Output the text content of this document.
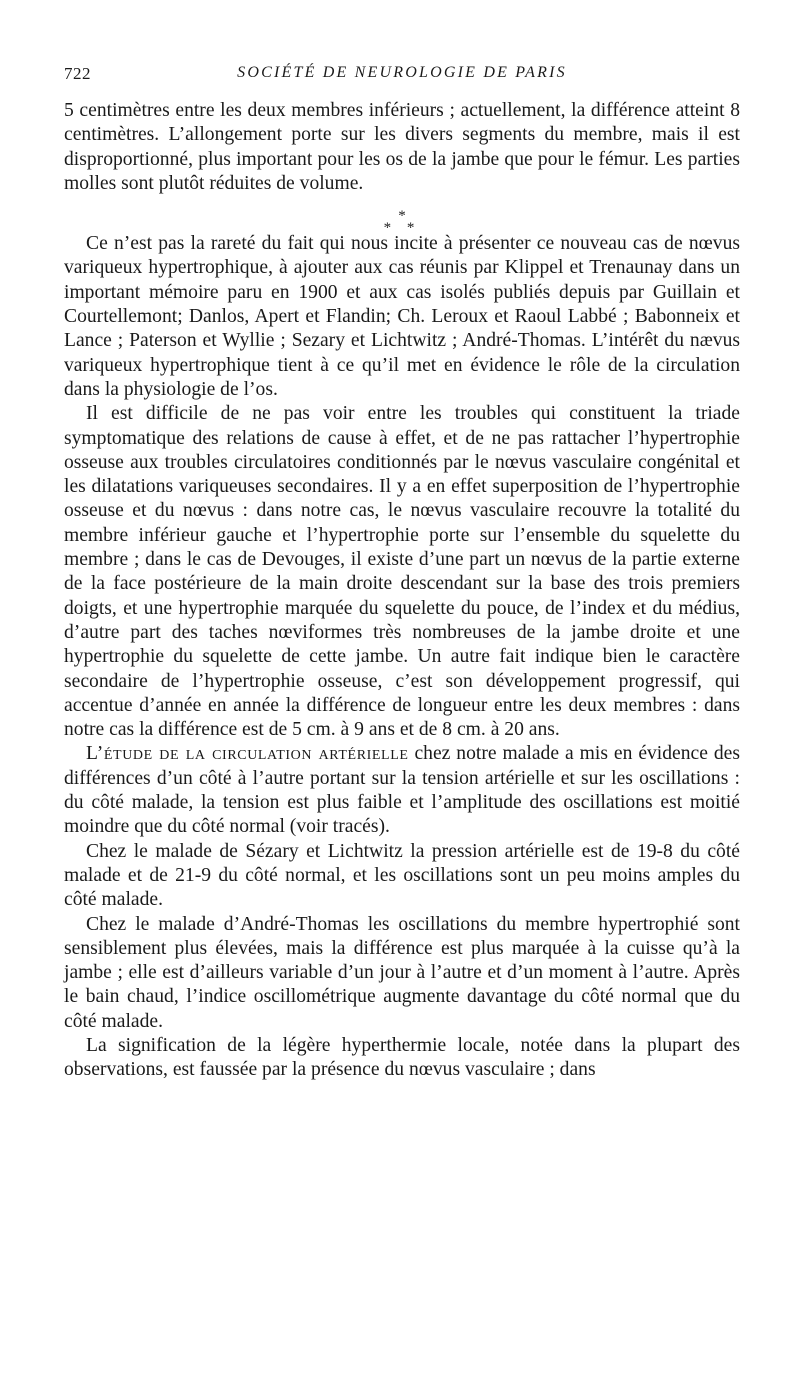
722	SOCIÉTÉ DE NEUROLOGIE DE PARIS

5 centimètres entre les deux membres inférieurs ; actuellement, la différence atteint 8 centimètres. L’allongement porte sur les divers segments du membre, mais il est disproportionné, plus important pour les os de la jambe que pour le fémur. Les parties molles sont plutôt réduites de volume.

*
* *

Ce n’est pas la rareté du fait qui nous incite à présenter ce nouveau cas de nœvus variqueux hypertrophique, à ajouter aux cas réunis par Klippel et Trenaunay dans un important mémoire paru en 1900 et aux cas isolés publiés depuis par Guillain et Courtellemont; Danlos, Apert et Flandin; Ch. Leroux et Raoul Labbé ; Babonneix et Lance ; Paterson et Wyllie ; Sezary et Lichtwitz ; André-Thomas. L’intérêt du nævus variqueux hypertrophique tient à ce qu’il met en évidence le rôle de la circulation dans la physiologie de l’os.

Il est difficile de ne pas voir entre les troubles qui constituent la triade symptomatique des relations de cause à effet, et de ne pas rattacher l’hypertrophie osseuse aux troubles circulatoires conditionnés par le nœvus vasculaire congénital et les dilatations variqueuses secondaires. Il y a en effet superposition de l’hypertrophie osseuse et du nœvus : dans notre cas, le nœvus vasculaire recouvre la totalité du membre inférieur gauche et l’hypertrophie porte sur l’ensemble du squelette du membre ; dans le cas de Devouges, il existe d’une part un nœvus de la partie externe de la face postérieure de la main droite descendant sur la base des trois premiers doigts, et une hypertrophie marquée du squelette du pouce, de l’index et du médius, d’autre part des taches nœviformes très nombreuses de la jambe droite et une hypertrophie du squelette de cette jambe. Un autre fait indique bien le caractère secondaire de l’hypertrophie osseuse, c’est son développement progressif, qui accentue d’année en année la différence de longueur entre les deux membres : dans notre cas la différence est de 5 cm. à 9 ans et de 8 cm. à 20 ans.

L’étude de la circulation artérielle chez notre malade a mis en évidence des différences d’un côté à l’autre portant sur la tension artérielle et sur les oscillations : du côté malade, la tension est plus faible et l’amplitude des oscillations est moitié moindre que du côté normal (voir tracés).

Chez le malade de Sézary et Lichtwitz la pression artérielle est de 19-8 du côté malade et de 21-9 du côté normal, et les oscillations sont un peu moins amples du côté malade.

Chez le malade d’André-Thomas les oscillations du membre hypertrophié sont sensiblement plus élevées, mais la différence est plus marquée à la cuisse qu’à la jambe ; elle est d’ailleurs variable d’un jour à l’autre et d’un moment à l’autre. Après le bain chaud, l’indice oscillométrique augmente davantage du côté normal que du côté malade.

La signification de la légère hyperthermie locale, notée dans la plupart des observations, est faussée par la présence du nœvus vasculaire ; dans
